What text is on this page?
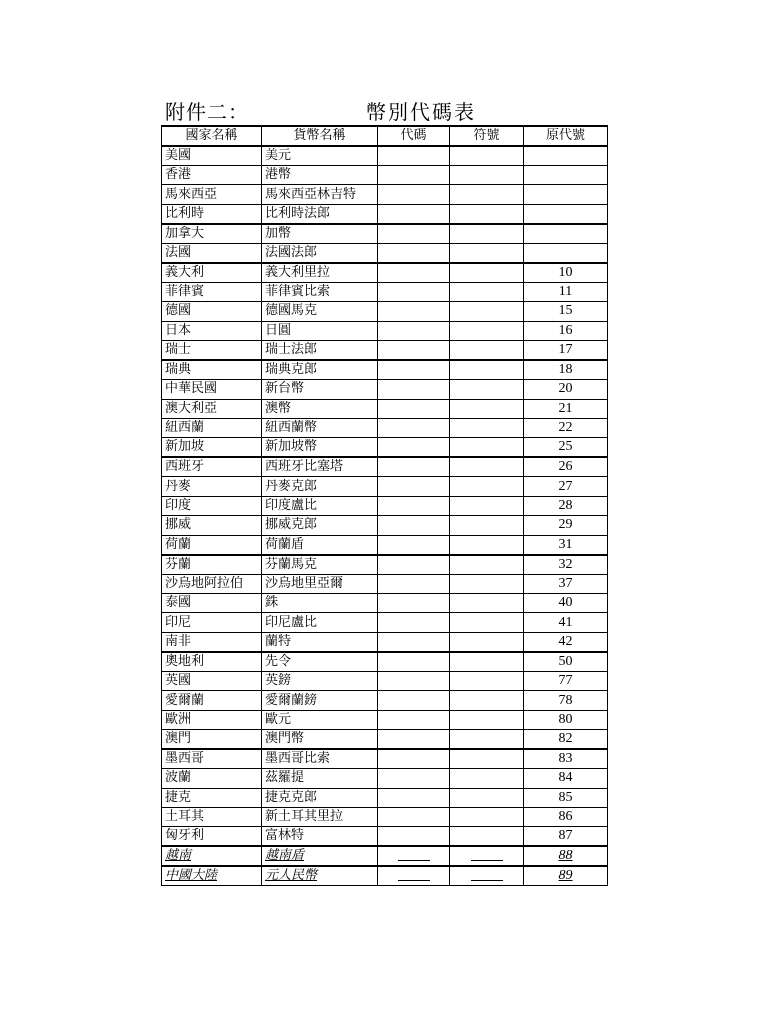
附件二：	幣別代碼表
國家名稱	貨幣名稱	代碼	符號	原代號
美國	美元			
香港	港幣			
馬來西亞	馬來西亞林吉特			
比利時	比利時法郎			
加拿大	加幣			
法國	法國法郎			
義大利	義大利里拉			10
菲律賓	菲律賓比索			11
德國	德國馬克			15
日本	日圓			16
瑞士	瑞士法郎			17
瑞典	瑞典克郎			18
中華民國	新台幣			20
澳大利亞	澳幣			21
紐西蘭	紐西蘭幣			22
新加坡	新加坡幣			25
西班牙	西班牙比塞塔			26
丹麥	丹麥克郎			27
印度	印度盧比			28
挪威	挪威克郎			29
荷蘭	荷蘭盾			31
芬蘭	芬蘭馬克			32
沙烏地阿拉伯	沙烏地里亞爾			37
泰國	銖			40
印尼	印尼盧比			41
南非	蘭特			42
奧地利	先令			50
英國	英鎊			77
愛爾蘭	愛爾蘭鎊			78
歐洲	歐元			80
澳門	澳門幣			82
墨西哥	墨西哥比索			83
波蘭	茲羅提			84
捷克	捷克克郎			85
土耳其	新土耳其里拉			86
匈牙利	富林特			87
越南	越南盾			88
中國大陸	元人民幣			89
